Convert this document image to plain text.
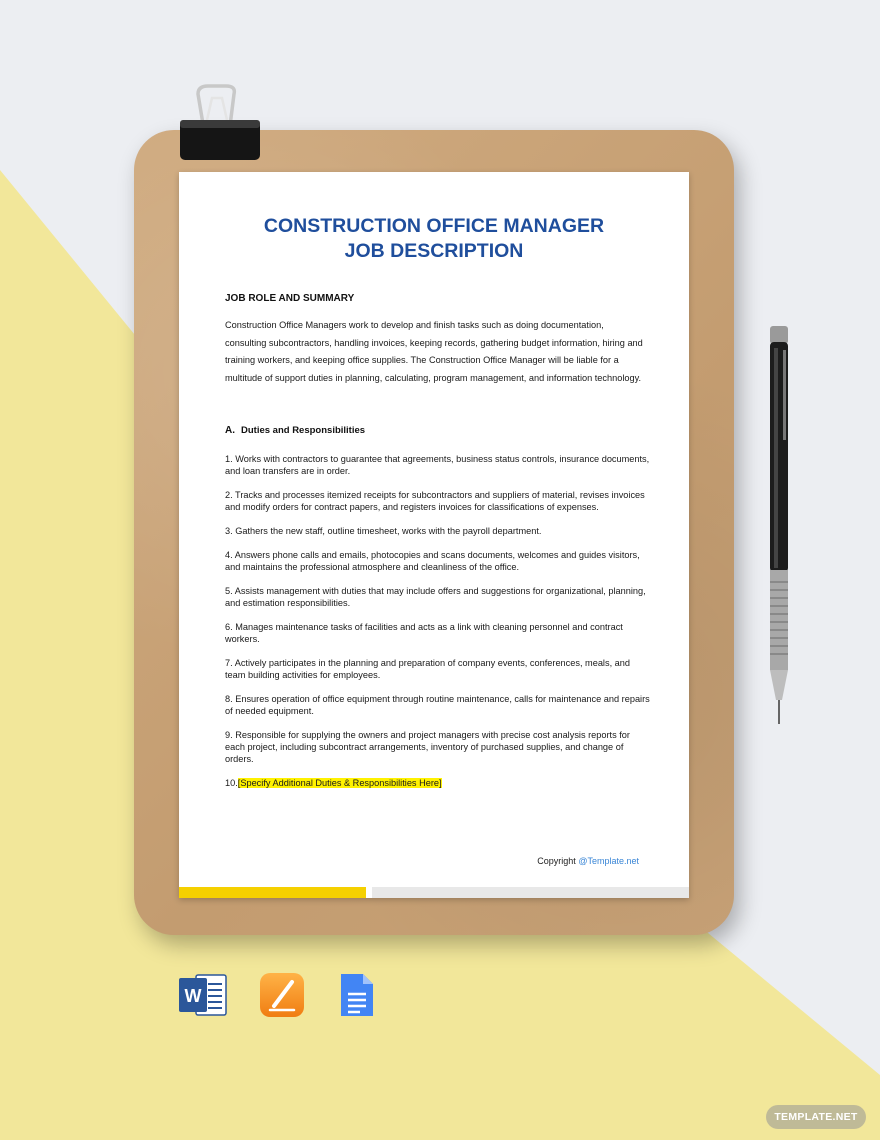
CONSTRUCTION OFFICE MANAGER
JOB DESCRIPTION
JOB ROLE AND SUMMARY
Construction Office Managers work to develop and finish tasks such as doing documentation, consulting subcontractors, handling invoices, keeping records, gathering budget information, hiring and training workers, and keeping office supplies. The Construction Office Manager will be liable for a multitude of support duties in planning, calculating, program management, and information technology.
A. Duties and Responsibilities
1. Works with contractors to guarantee that agreements, business status controls, insurance documents, and loan transfers are in order.
2. Tracks and processes itemized receipts for subcontractors and suppliers of material, revises invoices and modify orders for contract papers, and registers invoices for classifications of expenses.
3. Gathers the new staff, outline timesheet, works with the payroll department.
4. Answers phone calls and emails, photocopies and scans documents, welcomes and guides visitors, and maintains the professional atmosphere and cleanliness of the office.
5. Assists management with duties that may include offers and suggestions for organizational, planning, and estimation responsibilities.
6. Manages maintenance tasks of facilities and acts as a link with cleaning personnel and contract workers.
7. Actively participates in the planning and preparation of company events, conferences, meals, and team building activities for employees.
8. Ensures operation of office equipment through routine maintenance, calls for maintenance and repairs of needed equipment.
9. Responsible for supplying the owners and project managers with precise cost analysis reports for each project, including subcontract arrangements, inventory of purchased supplies, and change of orders.
10.[Specify Additional Duties & Responsibilities Here]
Copyright @Template.net
W
TEMPLATE.NET
